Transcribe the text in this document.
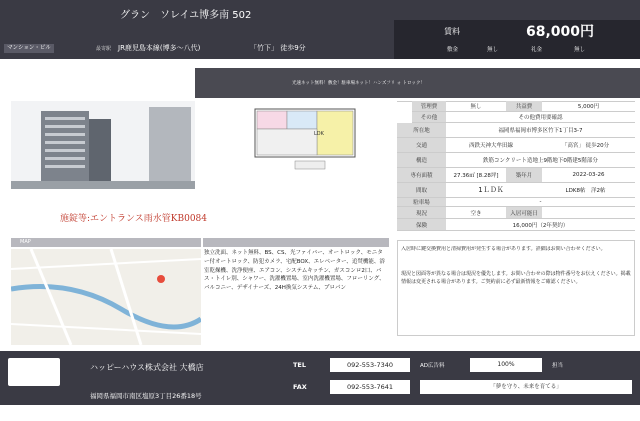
グラン　ソレイユ博多南 502
マンション・ビル	最寄駅 JR鹿児島本線(博多～八代)	「竹下」 徒歩9分
賃料	68,000円
敷金	無し	礼金	無し
光速ネット無料！敷金！駐車場ネット！ハンズフリ ォ トロック！
LDK
施錠等:エントランス雨水管KB0084
MAP
独立洗面、ネット無料、BS、CS、光ファイバー、オートロック、モニター付オートロック、防犯カメラ、宅配BOX、エレベーター、追焚機能、浴室乾燥機、洗浄便座、エアコン、システムキッチン、ガスコンロ2口、バス・トイレ別、シャワー、洗濯機置場、室内洗濯機置場、フローリング、バルコニー、デザイナーズ、24H換気システム、プロパン
管理費	無し	共益費	5,000円
その他	その他費用要確認
所在地	福岡県福岡市博多区竹下1丁目3-7
交通	西鉄天神大牟田線	「高宮」 徒歩20分
構造	鉄筋コンクリート造地上9階地下0階建5階部分
専有面積	27.36㎡ [8.28坪]	築年月	2022-03-26
間取	1ＬＤＫ	LDK8帖　洋2帖
駐車場	-
現況	空き	入居可能日
保険	16,000円（2年契約）
入居時に鍵交換費用と清掃費用が発生する場合があります。詳細はお問い合わせください。
現況と図面等が異なる場合は現況を優先します。お問い合わせの際は物件番号をお伝えください。掲載情報は変更される場合があります。ご契約前に必ず最新情報をご確認ください。
ハッピーハウス株式会社 大橋店
福岡県福岡市南区塩原3丁目26番18号
TEL	092-553-7340
FAX	092-553-7641
AD広告料	100%	担当
「夢を守り、未来を育てる」
